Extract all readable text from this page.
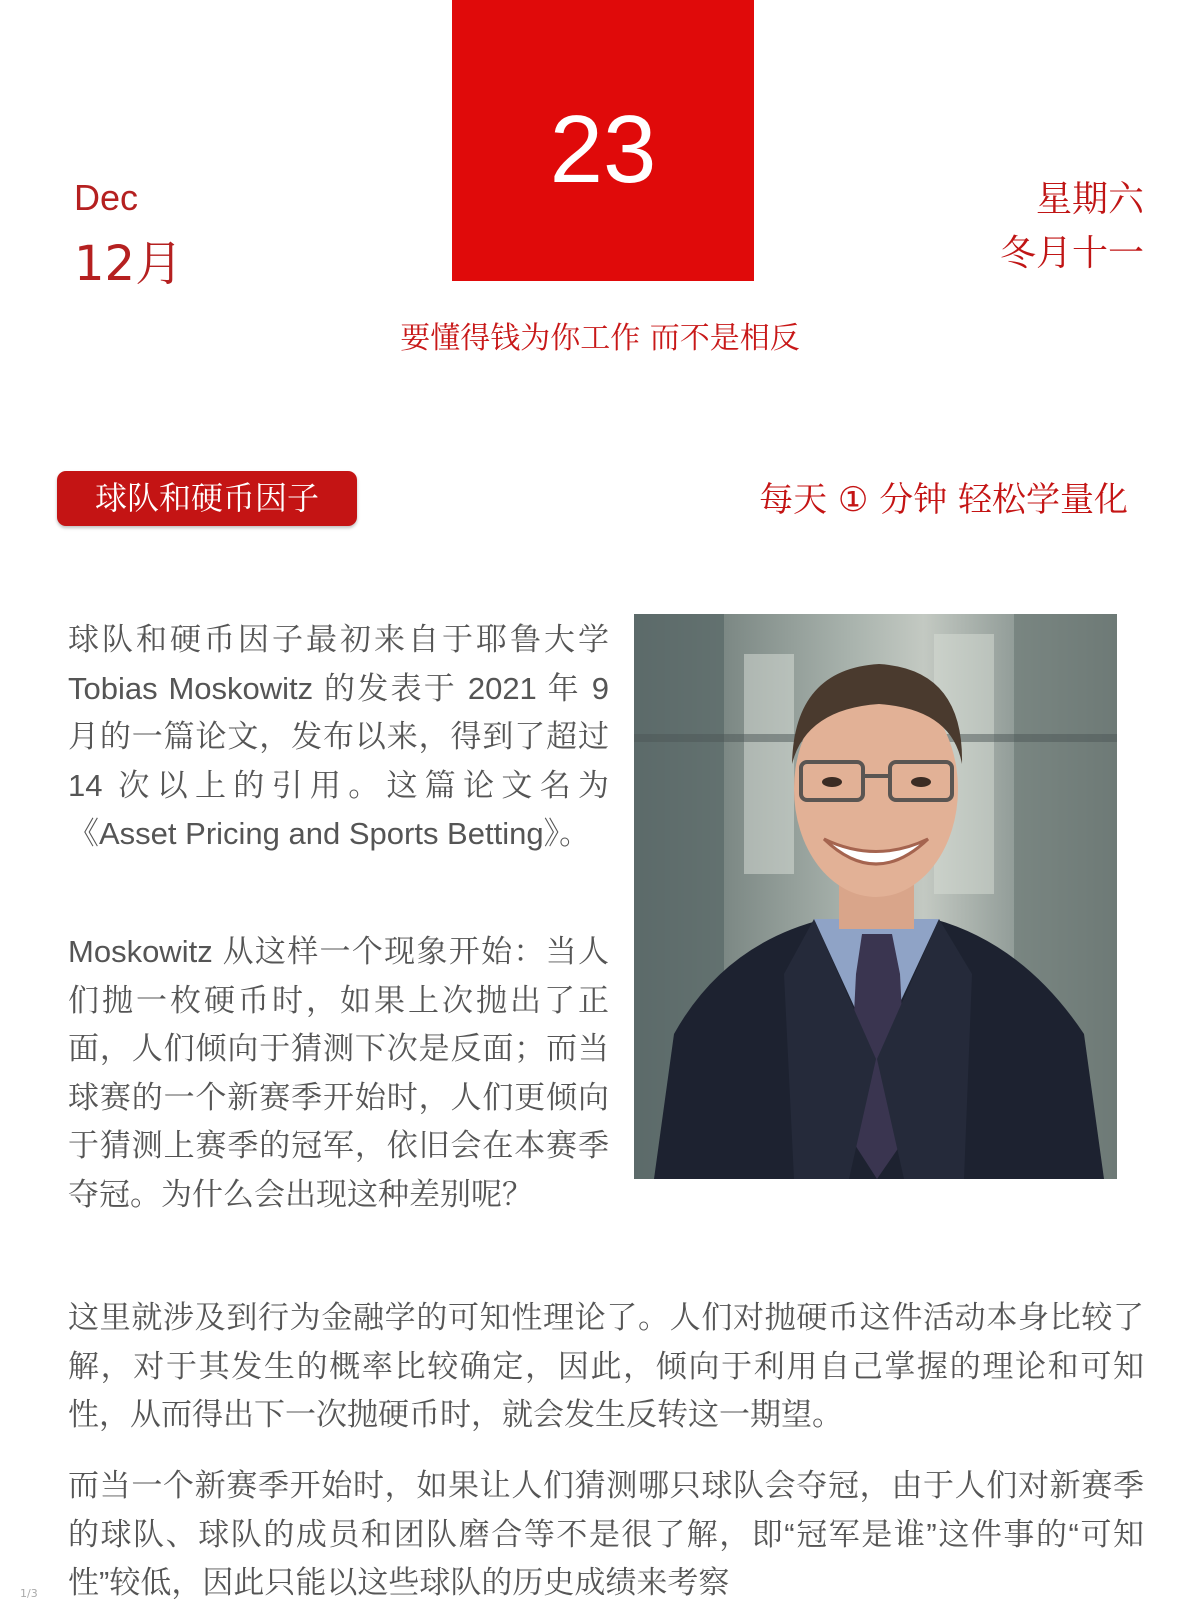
23
Dec
12月
星期六
冬月十一
要懂得钱为你工作 而不是相反
球队和硬币因子	每天 ① 分钟 轻松学量化
球队和硬币因子最初来自于耶鲁大学 Tobias Moskowitz 的发表于 2021 年 9 月的一篇论文，发布以来，得到了超过 14 次以上的引用。这篇论文名为《Asset Pricing and Sports Betting》。
Moskowitz 从这样一个现象开始：当人们抛一枚硬币时，如果上次抛出了正面，人们倾向于猜测下次是反面；而当球赛的一个新赛季开始时，人们更倾向于猜测上赛季的冠军，依旧会在本赛季夺冠。为什么会出现这种差别呢？
这里就涉及到行为金融学的可知性理论了。人们对抛硬币这件活动本身比较了解，对于其发生的概率比较确定，因此，倾向于利用自己掌握的理论和可知性，从而得出下一次抛硬币时，就会发生反转这一期望。
而当一个新赛季开始时，如果让人们猜测哪只球队会夺冠，由于人们对新赛季的球队、球队的成员和团队磨合等不是很了解，即“冠军是谁”这件事的“可知性”较低，因此只能以这些球队的历史成绩来考察
1/3
